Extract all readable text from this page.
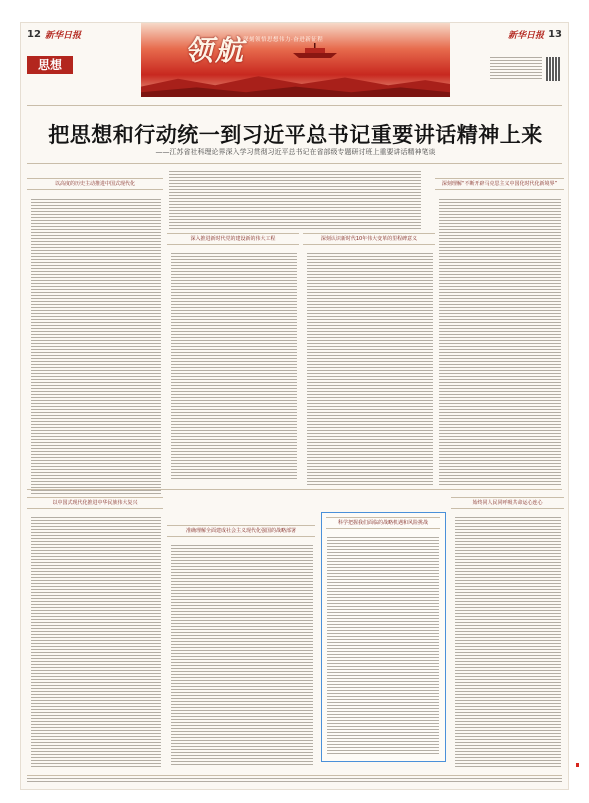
12 新华日报	13
新华日报
思想	领航
深刻领悟思想伟力·奋进新征程
把思想和行动统一到习近平总书记重要讲话精神上来
——江苏省社科理论界深入学习贯彻习近平总书记在省部级专题研讨班上重要讲话精神笔谈
以高度的历史主动推进中国式现代化
深入推进新时代党的建设新的伟大工程	深刻认识新时代10年伟大变革的里程碑意义
深刻理解“不断开辟马克思主义中国化时代化新境界”
以中国式现代化推进中华民族伟大复兴
准确理解全面建成社会主义现代化强国的战略部署
科学把握我们面临的战略机遇和风险挑战
始终同人民同呼吸共命运心连心
